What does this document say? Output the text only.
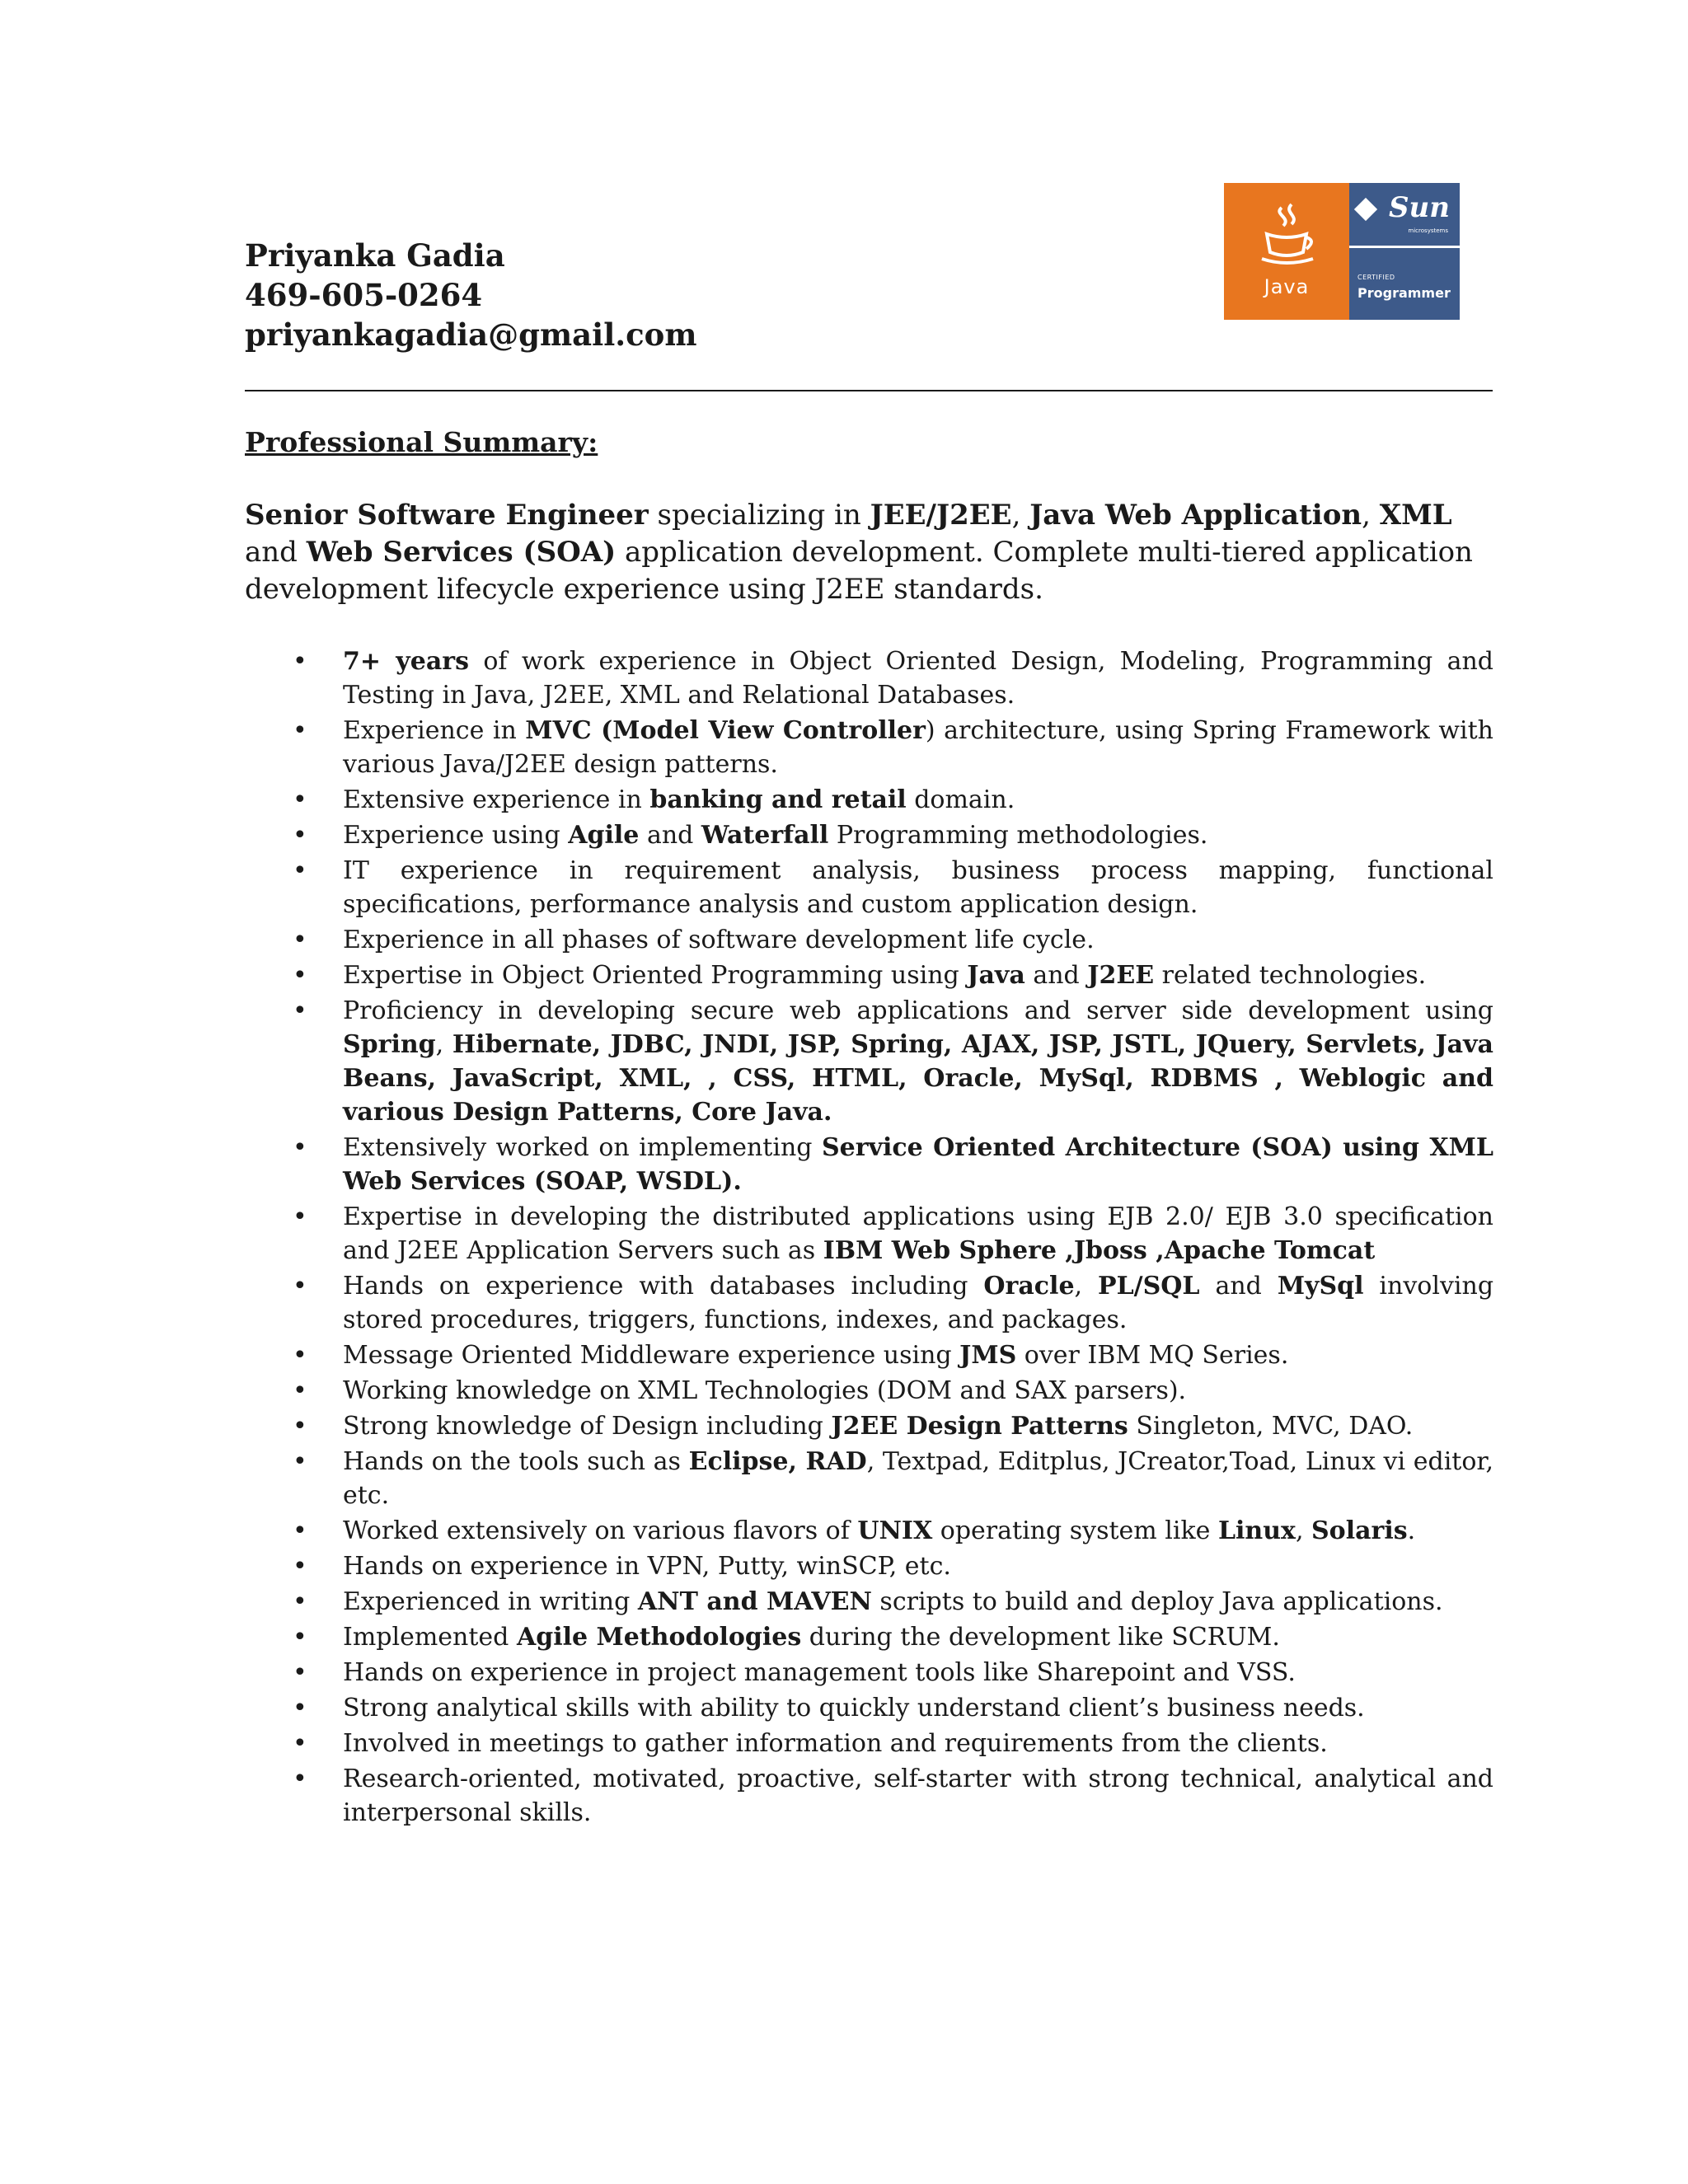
Priyanka Gadia
469-605-0264
priyankagadia@gmail.com
Java
Sun
microsystems
CERTIFIED
Programmer
Professional Summary:
Senior Software Engineer specializing in JEE/J2EE, Java Web Application, XML and Web Services (SOA) application development. Complete multi-tiered application development lifecycle experience using J2EE standards.
• 7+ years of work experience in Object Oriented Design, Modeling, Programming and Testing in Java, J2EE, XML and Relational Databases.
• Experience in MVC (Model View Controller) architecture, using Spring Framework with various Java/J2EE design patterns.
• Extensive experience in banking and retail domain.
• Experience using Agile and Waterfall Programming methodologies.
• IT experience in requirement analysis, business process mapping, functional specifications, performance analysis and custom application design.
• Experience in all phases of software development life cycle.
• Expertise in Object Oriented Programming using Java and J2EE related technologies.
• Proficiency in developing secure web applications and server side development using Spring, Hibernate, JDBC, JNDI, JSP, Spring, AJAX, JSP, JSTL, JQuery, Servlets, Java Beans, JavaScript, XML, , CSS, HTML, Oracle, MySql, RDBMS , Weblogic and various Design Patterns, Core Java.
• Extensively worked on implementing Service Oriented Architecture (SOA) using XML Web Services (SOAP, WSDL).
• Expertise in developing the distributed applications using EJB 2.0/ EJB 3.0 specification and J2EE Application Servers such as IBM Web Sphere ,Jboss ,Apache Tomcat
• Hands on experience with databases including Oracle, PL/SQL and MySql involving stored procedures, triggers, functions, indexes, and packages.
• Message Oriented Middleware experience using JMS over IBM MQ Series.
• Working knowledge on XML Technologies (DOM and SAX parsers).
• Strong knowledge of Design including J2EE Design Patterns Singleton, MVC, DAO.
• Hands on the tools such as Eclipse, RAD, Textpad, Editplus, JCreator,Toad, Linux vi editor, etc.
• Worked extensively on various flavors of UNIX operating system like Linux, Solaris.
• Hands on experience in VPN, Putty, winSCP, etc.
• Experienced in writing ANT and MAVEN scripts to build and deploy Java applications.
• Implemented Agile Methodologies during the development like SCRUM.
• Hands on experience in project management tools like Sharepoint and VSS.
• Strong analytical skills with ability to quickly understand client’s business needs.
• Involved in meetings to gather information and requirements from the clients.
• Research-oriented, motivated, proactive, self-starter with strong technical, analytical and interpersonal skills.
